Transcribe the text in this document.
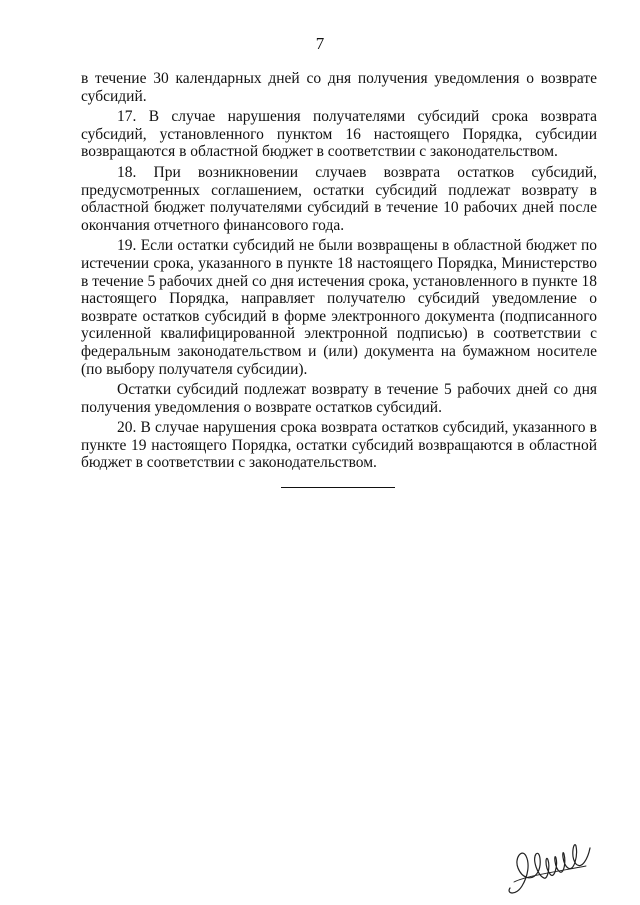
7

в течение 30 календарных дней со дня получения уведомления о возврате субсидий.

17. В случае нарушения получателями субсидий срока возврата субсидий, установленного пунктом 16 настоящего Порядка, субсидии возвращаются в областной бюджет в соответствии с законодательством.

18. При возникновении случаев возврата остатков субсидий, предусмотренных соглашением, остатки субсидий подлежат возврату в областной бюджет получателями субсидий в течение 10 рабочих дней после окончания отчетного финансового года.

19. Если остатки субсидий не были возвращены в областной бюджет по истечении срока, указанного в пункте 18 настоящего Порядка, Министерство в течение 5 рабочих дней со дня истечения срока, установленного в пункте 18 настоящего Порядка, направляет получателю субсидий уведомление о возврате остатков субсидий в форме электронного документа (подписанного усиленной квалифицированной электронной подписью) в соответствии с федеральным законодательством и (или) документа на бумажном носителе (по выбору получателя субсидии).

Остатки субсидий подлежат возврату в течение 5 рабочих дней со дня получения уведомления о возврате остатков субсидий.

20. В случае нарушения срока возврата остатков субсидий, указанного в пункте 19 настоящего Порядка, остатки субсидий возвращаются в областной бюджет в соответствии с законодательством.
